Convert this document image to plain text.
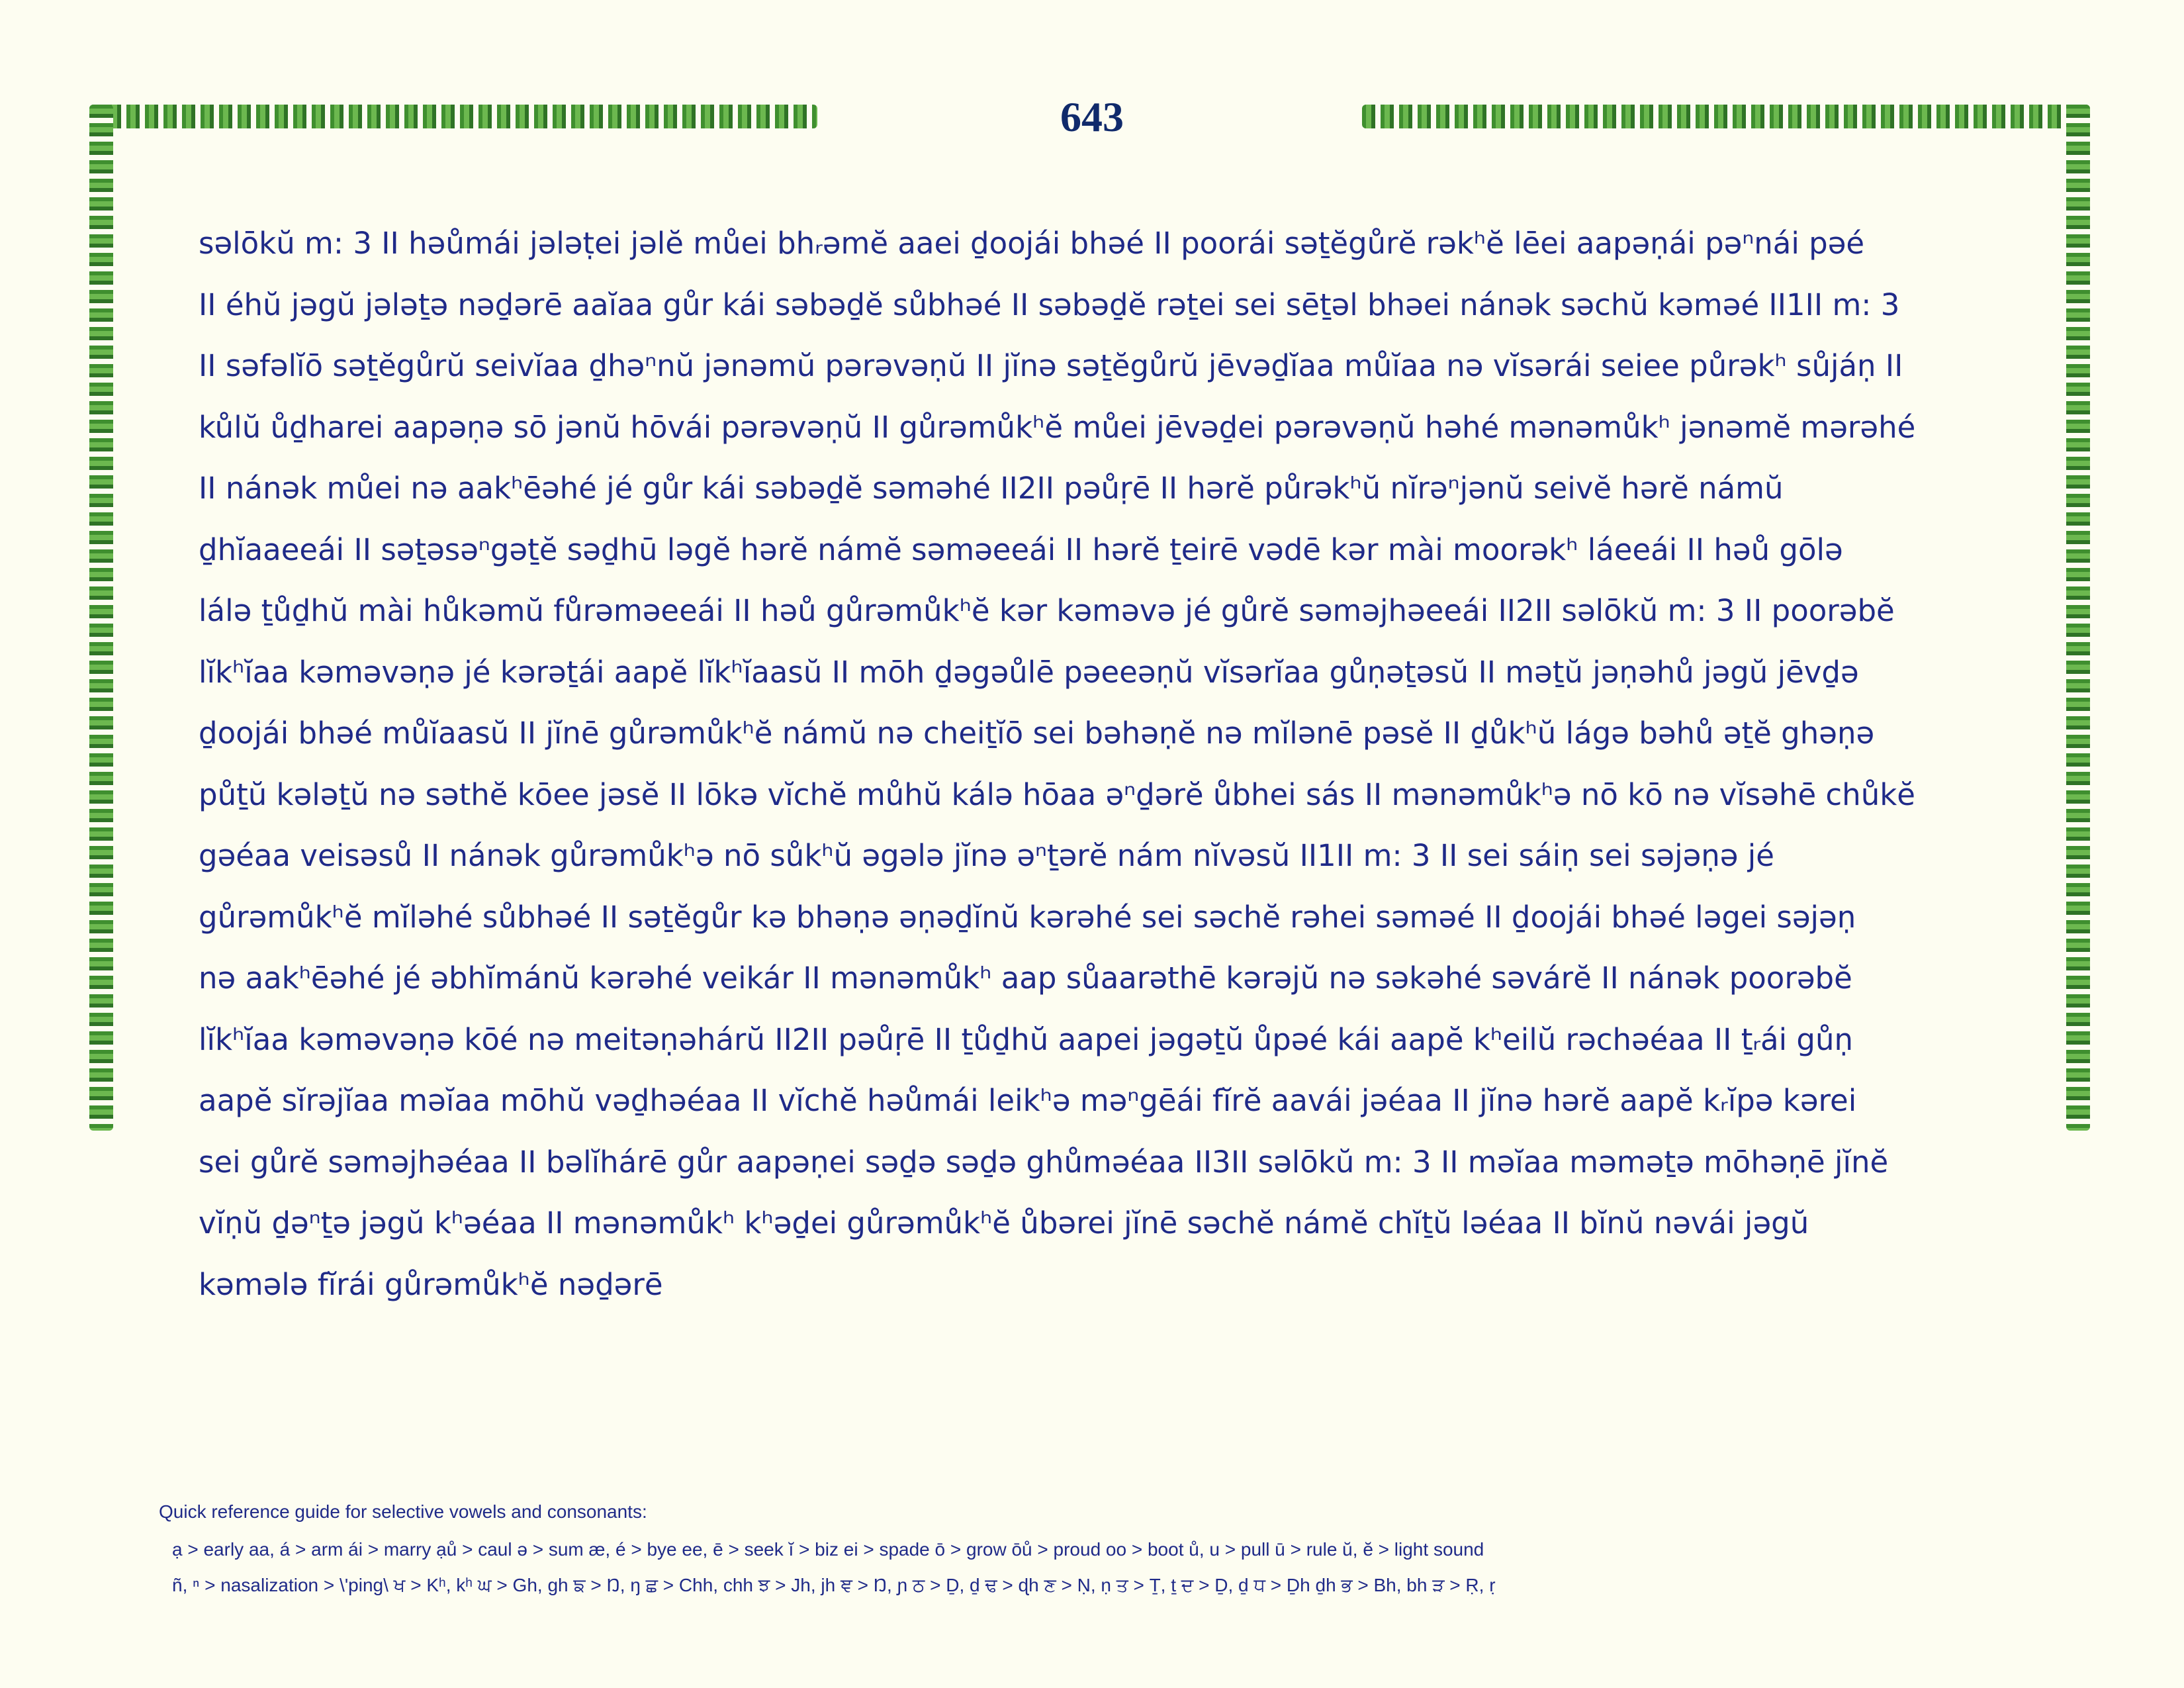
643
səlōkŭ m: 3 II həůmái jələṭei jəlĕ můei bhᵣəmĕ aaei ḏoojái bhəé II poorái səṯĕgůrĕ rəkʰĕ lēei aapəṇái pəⁿnái pəé
II éhŭ jəgŭ jələṯə nəḏərē aaĭaa gůr kái səbəḏĕ sůbhəé II səbəḏĕ rəṯei sei sēṯəl bhəei nánək səchŭ kəməé II1II m: 3
II səfəlĭō səṯĕgůrŭ seivĭaa ḏhəⁿnŭ jənəmŭ pərəvəṇŭ II jĭnə səṯĕgůrŭ jēvəḏĭaa můĭaa nə vĭsərái seiee půrəkʰ sůjáṇ II
kůlŭ ůḏharei aapəṇə sō jənŭ hōvái pərəvəṇŭ II gůrəmůkʰĕ můei jēvəḏei pərəvəṇŭ həhé mənəmůkʰ jənəmĕ mərəhé
II nánək můei nə aakʰēəhé jé gůr kái səbəḏĕ səməhé II2II pəůṛē II hərĕ půrəkʰŭ nĭrəⁿjənŭ seivĕ hərĕ námŭ
ḏhĭaaeeái II səṯəsəⁿgəṯĕ səḏhū ləgĕ hərĕ námĕ səməeeái II hərĕ ṯeirē vədē kər mài moorəkʰ láeeái II həů gōlə
lálə ṯůḏhŭ mài hůkəmŭ fůrəməeeái II həů gůrəmůkʰĕ kər kəməvə jé gůrĕ səməjhəeeái II2II səlōkŭ m: 3 II poorəbĕ
lĭkʰĭaa kəməvəṇə jé kərəṯái aapĕ lĭkʰĭaasŭ II mōh ḏəgəůlē pəeeəṇŭ vĭsərĭaa gůṇəṯəsŭ II məṯŭ jəṇəhů jəgŭ jēvḏə
ḏoojái bhəé můĭaasŭ II jĭnē gůrəmůkʰĕ námŭ nə cheiṯĭō sei bəhəṇĕ nə mĭlənē pəsĕ II ḏůkʰŭ lágə bəhů əṯĕ ghəṇə
půṯŭ kələṯŭ nə səthĕ kōee jəsĕ II lōkə vĭchĕ můhŭ kálə hōaa əⁿḏərĕ ůbhei sás II mənəmůkʰə nō kō nə vĭsəhē chůkĕ
gəéaa veisəsů II nánək gůrəmůkʰə nō sůkʰŭ əgələ jĭnə əⁿṯərĕ nám nĭvəsŭ II1II m: 3 II sei sáiṇ sei səjəṇə jé
gůrəmůkʰĕ mĭləhé sůbhəé II səṯĕgůr kə bhəṇə əṇəḏĭnŭ kərəhé sei səchĕ rəhei səməé II ḏoojái bhəé ləgei səjəṇ
nə aakʰēəhé jé əbhĭmánŭ kərəhé veikár II mənəmůkʰ aap sůaarəthē kərəjŭ nə səkəhé səvárĕ II nánək poorəbĕ
lĭkʰĭaa kəməvəṇə kōé nə meitəṇəhárŭ II2II pəůṛē II ṯůḏhŭ aapei jəgəṯŭ ůpəé kái aapĕ kʰeilŭ rəchəéaa II ṯᵣái gůṇ
aapĕ sĭrəjĭaa məĭaa mōhŭ vəḏhəéaa II vĭchĕ həůmái leikʰə məⁿgēái fĭrĕ aavái jəéaa II jĭnə hərĕ aapĕ kᵣĭpə kərei
sei gůrĕ səməjhəéaa II bəlĭhárē gůr aapəṇei səḏə səḏə ghůməéaa II3II səlōkŭ m: 3 II məĭaa məməṯə mōhəṇē jĭnĕ
vĭṇŭ ḏəⁿṯə jəgŭ kʰəéaa II mənəmůkʰ kʰəḏei gůrəmůkʰĕ ůbərei jĭnē səchĕ námĕ chĭṯŭ ləéaa II bĭnŭ nəvái jəgŭ
kəmələ fĭrái gůrəmůkʰĕ nəḏərē
Quick reference guide for selective vowels and consonants:
ạ > early aa, á > arm ái > marry ạů > caul ə > sum æ, é > bye ee, ē > seek ĭ > biz ei > spade ō > grow ōů > proud oo > boot ů, u > pull ū > rule ŭ, ĕ > light sound
ñ, ⁿ > nasalization > \'ping\ ਖ > Kʰ, kʰ ਘ > Gh, gh ਙ > Ŋ, ŋ ਛ > Chh, chh ਝ > Jh, jh ਞ > Ŋ, ɲ ਠ > Ḏ, ḏ ਢ > ɖh ਣ > Ṇ, ṇ ਤ > Ṯ, ṯ ਦ > Ḏ, ḏ ਧ > Ḏh ḏh ਭ > Bh, bh ੜ > Ṛ, ṛ
